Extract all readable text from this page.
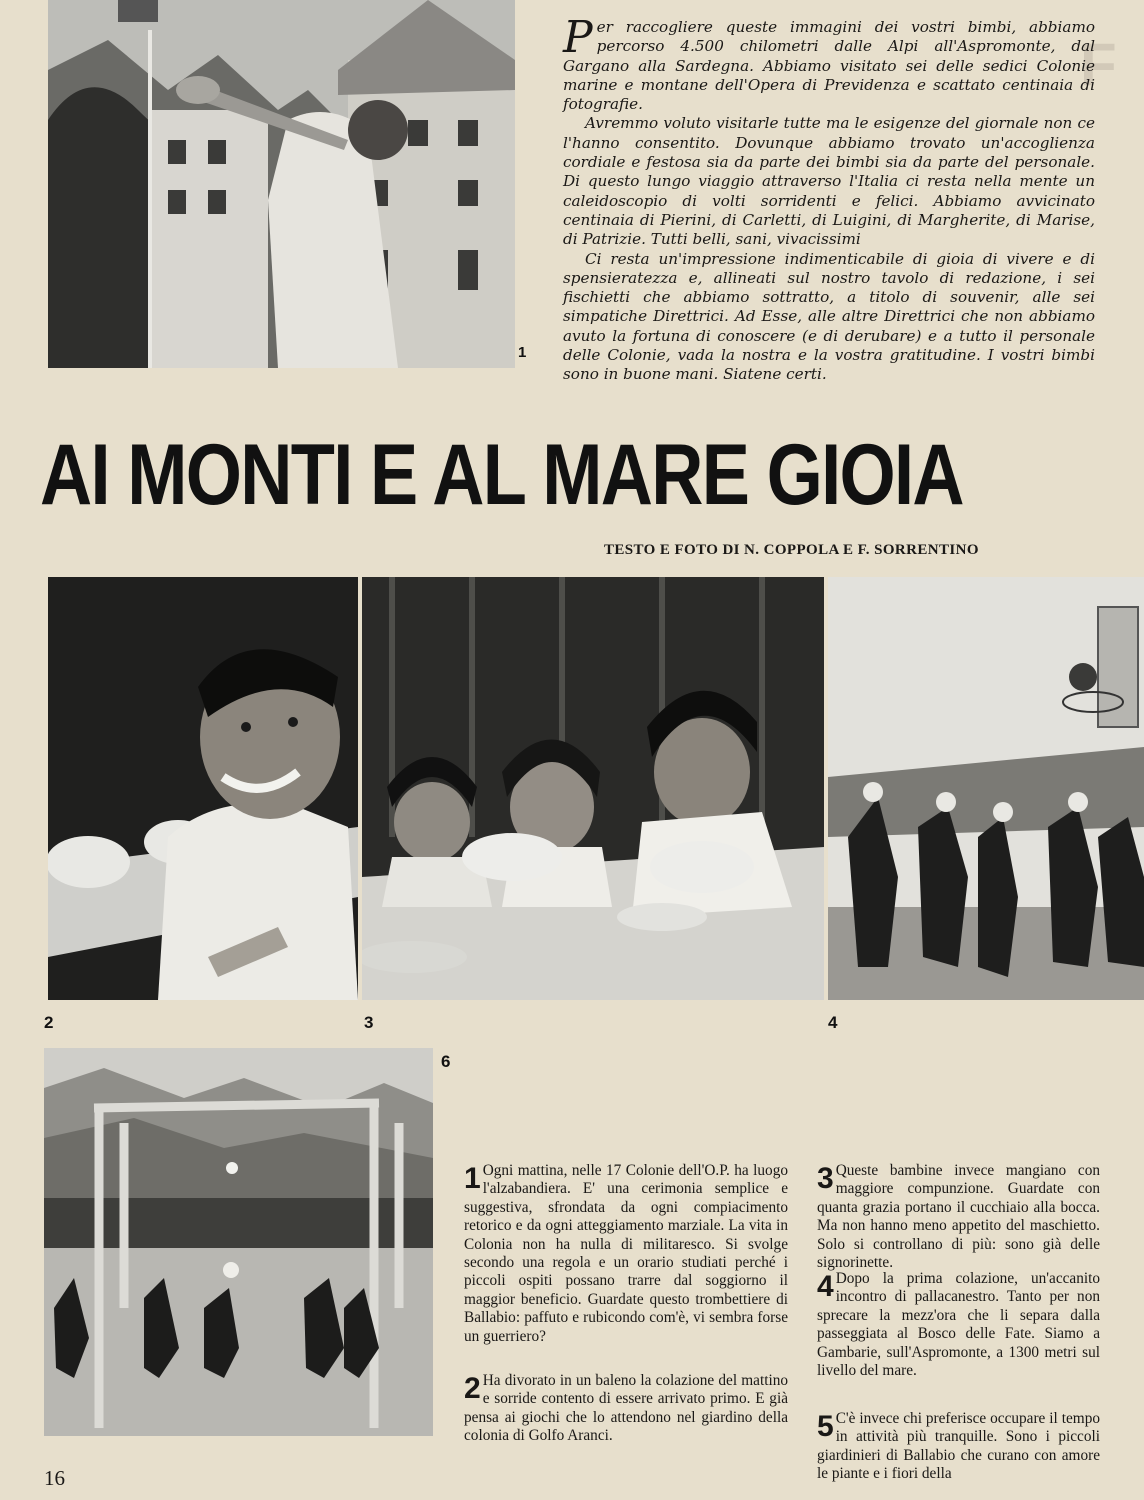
F
1

Per raccogliere queste immagini dei vostri bimbi, abbiamo percorso 4.500 chilometri dalle Alpi all'Aspromonte, dal Gargano alla Sardegna. Abbiamo visitato sei delle sedici Colonie marine e montane dell'Opera di Previdenza e scattato centinaia di fotografie.

Avremmo voluto visitarle tutte ma le esigenze del giornale non ce l'hanno consentito. Dovunque abbiamo trovato un'accoglienza cordiale e festosa sia da parte dei bimbi sia da parte del personale. Di questo lungo viaggio attraverso l'Italia ci resta nella mente un caleidoscopio di volti sorridenti e felici. Abbiamo avvicinato centinaia di Pierini, di Carletti, di Luigini, di Margherite, di Marise, di Patrizie. Tutti belli, sani, vivacissimi

Ci resta un'impressione indimenticabile di gioia di vivere e di spensieratezza e, allineati sul nostro tavolo di redazione, i sei fischietti che abbiamo sottratto, a titolo di souvenir, alle sei simpatiche Direttrici. Ad Esse, alle altre Direttrici che non abbiamo avuto la fortuna di conoscere (e di derubare) e a tutto il personale delle Colonie, vada la nostra e la vostra gratitudine. I vostri bimbi sono in buone mani. Siatene certi.

AI MONTI E AL MARE GIOIA
TESTO E FOTO DI N. COPPOLA E F. SORRENTINO
2	3	4
6
1 Ogni mattina, nelle 17 Colonie dell'O.P. ha luogo l'alzabandiera. E' una cerimonia semplice e suggestiva, sfrondata da ogni compiacimento retorico e da ogni atteggiamento marziale. La vita in Colonia non ha nulla di militaresco. Si svolge secondo una regola e un orario studiati perché i piccoli ospiti possano trarre dal soggiorno il maggior beneficio. Guardate questo trombettiere di Ballabio: paffuto e rubicondo com'è, vi sembra forse un guerriero?
2 Ha divorato in un baleno la colazione del mattino e sorride contento di essere arrivato primo. E già pensa ai giochi che lo attendono nel giardino della colonia di Golfo Aranci.
3 Queste bambine invece mangiano con maggiore compunzione. Guardate con quanta grazia portano il cucchiaio alla bocca. Ma non hanno meno appetito del maschietto. Solo si controllano di più: sono già delle signorinette.
4 Dopo la prima colazione, un'accanito incontro di pallacanestro. Tanto per non sprecare la mezz'ora che li separa dalla passeggiata al Bosco delle Fate. Siamo a Gambarie, sull'Aspromonte, a 1300 metri sul livello del mare.
5 C'è invece chi preferisce occupare il tempo in attività più tranquille. Sono i piccoli giardinieri di Ballabio che curano con amore le piante e i fiori della
16
